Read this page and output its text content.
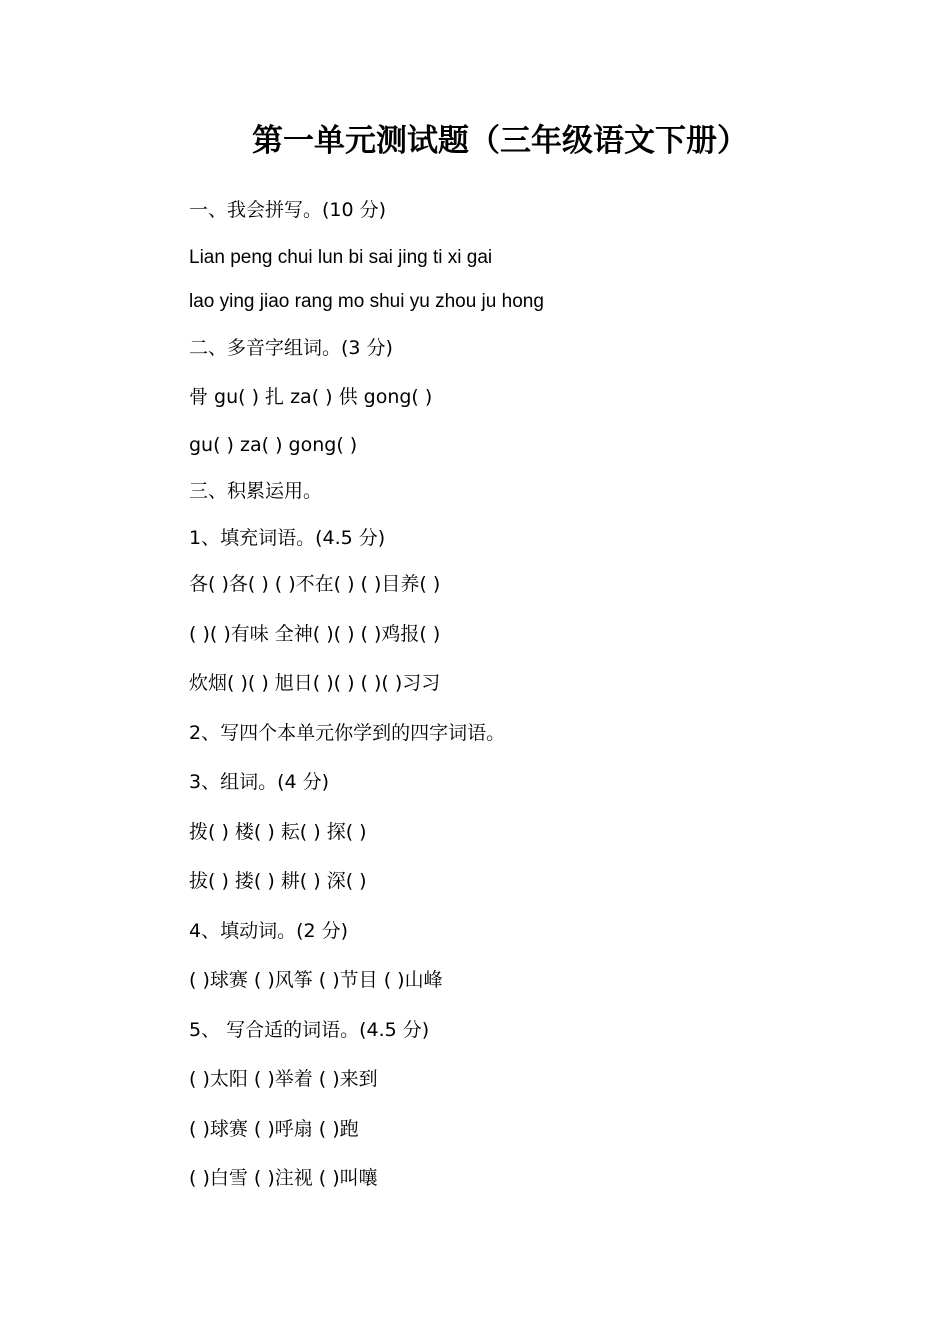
第一单元测试题（三年级语文下册）
一、我会拼写。(10 分)
Lian peng chui lun bi sai jing ti xi gai
lao ying jiao rang mo shui yu zhou ju hong
二、多音字组词。(3 分)
骨 gu( ) 扎 za( ) 供 gong( )
gu( ) za( ) gong( )
三、积累运用。
1、填充词语。(4.5 分)
各( )各( ) ( )不在( ) ( )目养( )
( )( )有味 全神( )( ) ( )鸡报( )
炊烟( )( ) 旭日( )( ) ( )( )习习
2、写四个本单元你学到的四字词语。
3、组词。(4 分)
拨( ) 楼( ) 耘( ) 探( )
拔( ) 搂( ) 耕( ) 深( )
4、填动词。(2 分)
( )球赛 ( )风筝 ( )节目 ( )山峰
5、 写合适的词语。(4.5 分)
( )太阳 ( )举着 ( )来到
( )球赛 ( )呼扇 ( )跑
( )白雪 ( )注视 ( )叫嚷
